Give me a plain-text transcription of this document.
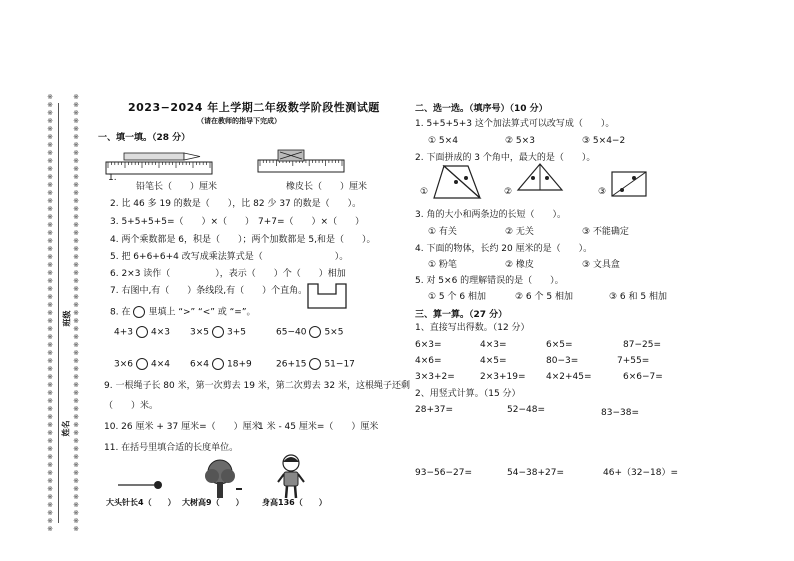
※※※※※※※※※※※※※※※※※※※※※※※※※※※※※※※※※※※※※※※※※※※※※※※※※※※※※※※
※※※※※※※※※※※※※※※※※※※※※※※※※※※※※※※※※※※※※※※※※※※※※※※※※※※※※※※
班级
姓名
2023−2024 年上学期二年级数学阶段性测试题
（请在教师的指导下完成）
一、填一填。（28 分）
1.
铅笔长（　　）厘米	橡皮长（　　）厘米
2. 比 46 多 19 的数是（　　），比 82 少 37 的数是（　　）。
3. 5+5+5+5=（　　）×（　　） 7+7=（　　）×（　　）
4. 两个乘数都是 6，积是（　　）；两个加数都是 5,和是（　　）。
5. 把 6+6+6+4 改写成乘法算式是（　　　　　　　　）。
6. 2×3 读作（　　　　　），表示（　　）个（　　）相加
7. 右图中,有（　　）条线段,有（　　）个直角。
8. 在 里填上 “>” “<” 或 “=”。
4+3 4×3 3×5 3+5	65−40 5×5
3×6 4×4 6×4 18+9	26+15 51−17
9. 一根绳子长 80 米，第一次剪去 19 米，第二次剪去 32 米，这根绳子还剩
（　　）米。
10. 26 厘米 + 37 厘米=（　　）厘米
1 米 - 45 厘米=（　　）厘米
11. 在括号里填合适的长度单位。
大头针长4（　　） 大树高9（　　） 身高136（　　）
二、选一选。（填序号）（10 分）
1. 5+5+5+3 这个加法算式可以改写成（　　）。
① 5×4	② 5×3	③ 5×4−2
2. 下面拼成的 3 个角中，最大的是（　　）。
①	②	③
3. 角的大小和两条边的长短（　　）。
① 有关	② 无关	③ 不能确定
4. 下面的物体，长约 20 厘米的是（　　）。
① 粉笔	② 橡皮	③ 文具盒
5. 对 5×6 的理解错误的是（　　）。
① 5 个 6 相加	② 6 个 5 相加	③ 6 和 5 相加
三、算一算。（27 分）
1、直接写出得数。（12 分）
6×3=	4×3=	6×5=	87−25=
4×6=	4×5=	80−3=	7+55=
3×3+2=	2×3+19= 4×2+45=	6×6−7=
2、用竖式计算。（15 分）
28+37=	52−48=	83−38=
93−56−27=	54−38+27=	46+（32−18）=
